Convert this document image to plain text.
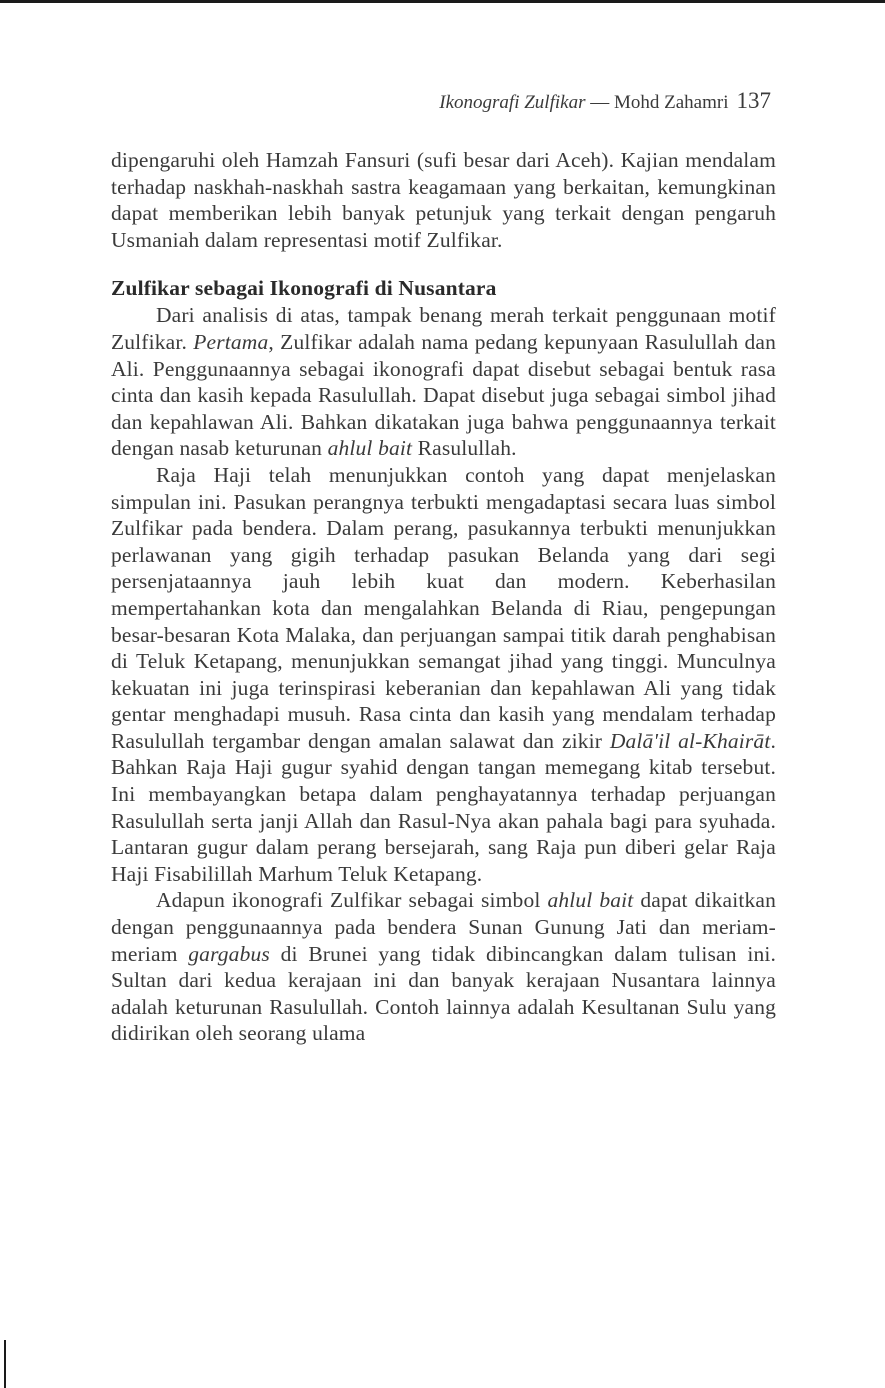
Ikonografi Zulfikar — Mohd Zahamri 137

dipengaruhi oleh Hamzah Fansuri (sufi besar dari Aceh). Kajian mendalam terhadap naskhah-naskhah sastra keagamaan yang berkaitan, kemungkinan dapat memberikan lebih banyak petunjuk yang terkait dengan pengaruh Usmaniah dalam representasi motif Zulfikar.

Zulfikar sebagai Ikonografi di Nusantara

Dari analisis di atas, tampak benang merah terkait penggunaan motif Zulfikar. Pertama, Zulfikar adalah nama pedang kepunyaan Rasulullah dan Ali. Penggunaannya sebagai ikonografi dapat disebut sebagai bentuk rasa cinta dan kasih kepada Rasulullah. Dapat disebut juga sebagai simbol jihad dan kepahlawan Ali. Bahkan dikatakan juga bahwa penggunaannya terkait dengan nasab keturunan ahlul bait Rasulullah.

Raja Haji telah menunjukkan contoh yang dapat menjelaskan simpulan ini. Pasukan perangnya terbukti mengadaptasi secara luas simbol Zulfikar pada bendera. Dalam perang, pasukannya terbukti menunjukkan perlawanan yang gigih terhadap pasukan Belanda yang dari segi persenjataannya jauh lebih kuat dan modern. Keberhasilan mempertahankan kota dan mengalahkan Belanda di Riau, pengepungan besar-besaran Kota Malaka, dan perjuangan sampai titik darah penghabisan di Teluk Ketapang, menunjukkan semangat jihad yang tinggi. Munculnya kekuatan ini juga terinspirasi keberanian dan kepahlawan Ali yang tidak gentar menghadapi musuh. Rasa cinta dan kasih yang mendalam terhadap Rasulullah tergambar dengan amalan salawat dan zikir Dalā'il al-Khairāt. Bahkan Raja Haji gugur syahid dengan tangan memegang kitab tersebut. Ini membayangkan betapa dalam penghayatannya terhadap perjuangan Rasulullah serta janji Allah dan Rasul-Nya akan pahala bagi para syuhada. Lantaran gugur dalam perang bersejarah, sang Raja pun diberi gelar Raja Haji Fisabilillah Marhum Teluk Ketapang.

Adapun ikonografi Zulfikar sebagai simbol ahlul bait dapat dikaitkan dengan penggunaannya pada bendera Sunan Gunung Jati dan meriam-meriam gargabus di Brunei yang tidak dibincangkan dalam tulisan ini. Sultan dari kedua kerajaan ini dan banyak kerajaan Nusantara lainnya adalah keturunan Rasulullah. Contoh lainnya adalah Kesultanan Sulu yang didirikan oleh seorang ulama
